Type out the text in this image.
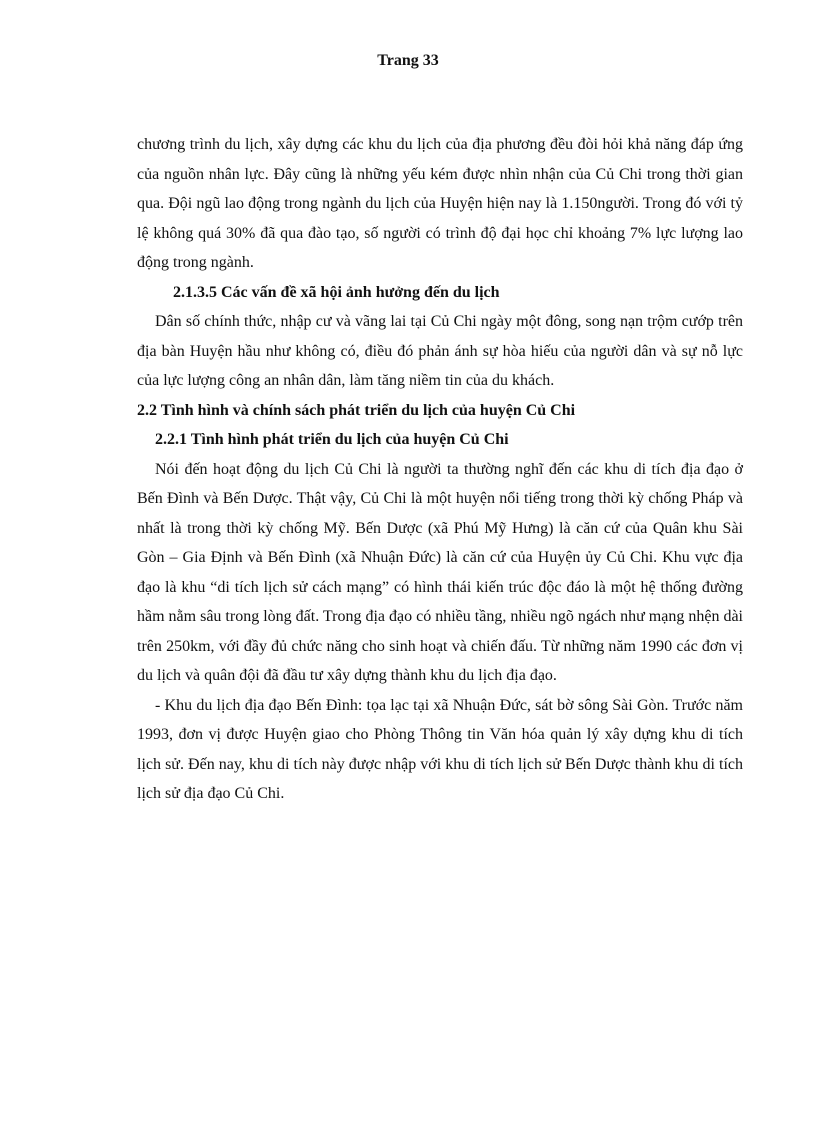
Trang 33

chương trình du lịch, xây dựng các khu du lịch của địa phương đều đòi hỏi khả năng đáp ứng của nguồn nhân lực. Đây cũng là những yếu kém được nhìn nhận của Củ Chi trong thời gian qua. Đội ngũ lao động trong ngành du lịch của Huyện hiện nay là 1.150người. Trong đó với tỷ lệ không quá 30% đã qua đào tạo, số người có trình độ đại học chỉ khoảng 7% lực lượng lao động trong ngành.

2.1.3.5 Các vấn đề xã hội ảnh hưởng đến du lịch

Dân số chính thức, nhập cư và vãng lai tại Củ Chi ngày một đông, song nạn trộm cướp trên địa bàn Huyện hầu như không có, điều đó phản ánh sự hòa hiếu của người dân và sự nỗ lực của lực lượng công an nhân dân, làm tăng niềm tin của du khách.

2.2 Tình hình và chính sách phát triển du lịch của huyện Củ Chi
2.2.1 Tình hình phát triển du lịch của huyện Củ Chi

Nói đến hoạt động du lịch Củ Chi là người ta thường nghĩ đến các khu di tích địa đạo ở Bến Đình và Bến Dược. Thật vậy, Củ Chi là một huyện nổi tiếng trong thời kỳ chống Pháp và nhất là trong thời kỳ chống Mỹ. Bến Dược (xã Phú Mỹ Hưng) là căn cứ của Quân khu Sài Gòn – Gia Định và Bến Đình (xã Nhuận Đức) là căn cứ của Huyện ủy Củ Chi. Khu vực địa đạo là khu “di tích lịch sử cách mạng” có hình thái kiến trúc độc đáo là một hệ thống đường hầm nằm sâu trong lòng đất. Trong địa đạo có nhiều tầng, nhiều ngõ ngách như mạng nhện dài trên 250km, với đầy đủ chức năng cho sinh hoạt và chiến đấu. Từ những năm 1990 các đơn vị du lịch và quân đội đã đầu tư xây dựng thành khu du lịch địa đạo.

- Khu du lịch địa đạo Bến Đình: tọa lạc tại xã Nhuận Đức, sát bờ sông Sài Gòn. Trước năm 1993, đơn vị được Huyện giao cho Phòng Thông tin Văn hóa quản lý xây dựng khu di tích lịch sử. Đến nay, khu di tích này được nhập với khu di tích lịch sử Bến Dược thành khu di tích lịch sử địa đạo Củ Chi.
